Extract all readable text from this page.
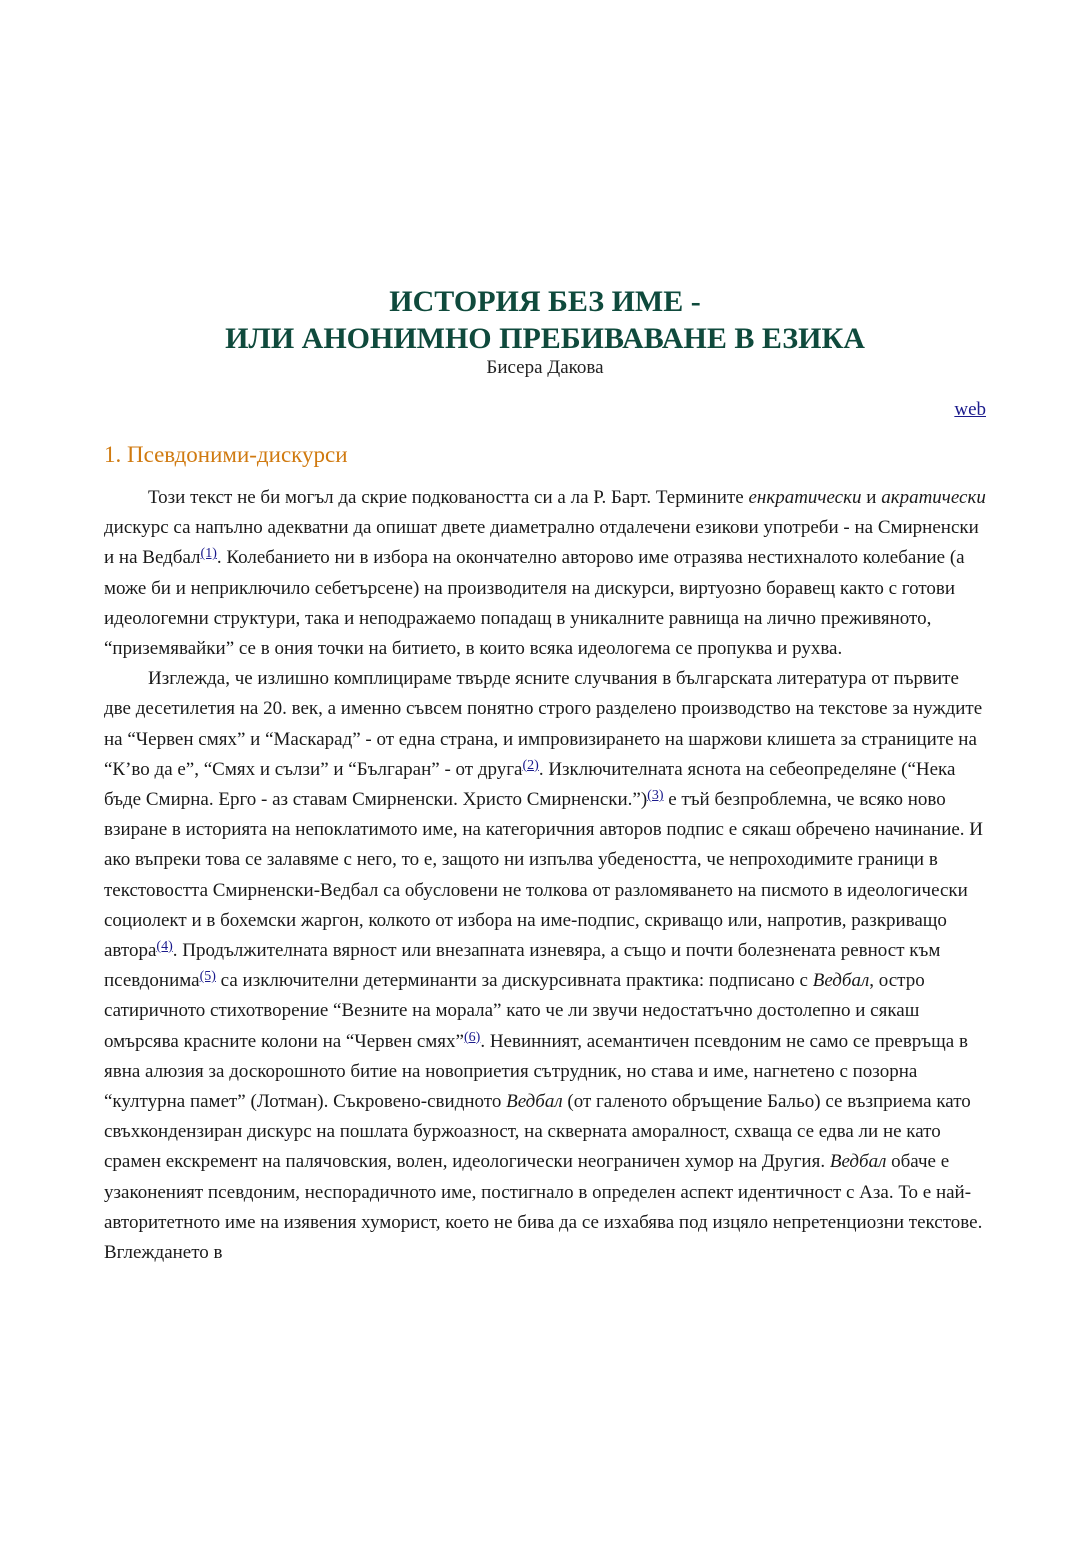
ИСТОРИЯ БЕЗ ИМЕ -
ИЛИ АНОНИМНО ПРЕБИВАВАНЕ В ЕЗИКА

Бисера Дакова

web
1. Псевдоними-дискурси

Този текст не би могъл да скрие подковаността си а ла Р. Барт. Термините енкратически и акратически дискурс са напълно адекватни да опишат двете диаметрално отдалечени езикови употреби - на Смирненски и на Ведбал$^{(1)}$. Колебанието ни в избора на окончателно авторово име отразява нестихналото колебание (а може би и неприключило себетърсене) на производителя на дискурси, виртуозно боравещ както с готови идеологемни структури, така и неподражаемо попадащ в уникалните равнища на лично преживяното, “приземявайки” се в ония точки на битието, в които всяка идеологема се пропуква и рухва.

Изглежда, че излишно комплицираме твърде ясните случвания в българската литература от първите две десетилетия на 20. век, а именно съвсем понятно строго разделено производство на текстове за нуждите на “Червен смях” и “Маскарад” - от една страна, и импровизирането на шаржови клишета за страниците на “К’во да е”, “Смях и сълзи” и “Българан” - от друга$^{(2)}$. Изключителната яснота на себеопределяне (“Нека бъде Смирна. Ерго - аз ставам Смирненски. Христо Смирненски.”)$^{(3)}$ е тъй безпроблемна, че всяко ново взиране в историята на непоклатимото име, на категоричния авторов подпис е сякаш обречено начинание. И ако въпреки това се залавяме с него, то е, защото ни изпълва убедеността, че непроходимите граници в текстовостта Смирненски-Ведбал са обусловени не толкова от разломяването на писмото в идеологически социолект и в бохемски жаргон, колкото от избора на име-подпис, скриващо или, напротив, разкриващо автора$^{(4)}$. Продължителната вярност или внезапната изневяра, а също и почти болезнената ревност към псевдонима$^{(5)}$ са изключителни детерминанти за дискурсивната практика: подписано с Ведбал, остро сатиричното стихотворение “Везните на морала” като че ли звучи недостатъчно достолепно и сякаш омърсява красните колони на “Червен смях”$^{(6)}$. Невинният, асемантичен псевдоним не само се превръща в явна алюзия за доскорошното битие на новоприетия сътрудник, но става и име, нагнетено с позорна “културна памет” (Лотман). Съкровено-свидното Ведбал (от галеното обръщение Бальо) се възприема като свъхкондензиран дискурс на пошлата буржоазност, на скверната аморалност, схваща се едва ли не като срамен екскремент на палячовския, волен, идеологически неограничен хумор на Другия. Ведбал обаче е узаконеният псевдоним, неспорадичното име, постигнало в определен аспект идентичност с Аза. То е най-авторитетното име на изявения хуморист, което не бива да се изхабява под изцяло непретенциозни текстове. Вглеждането в
